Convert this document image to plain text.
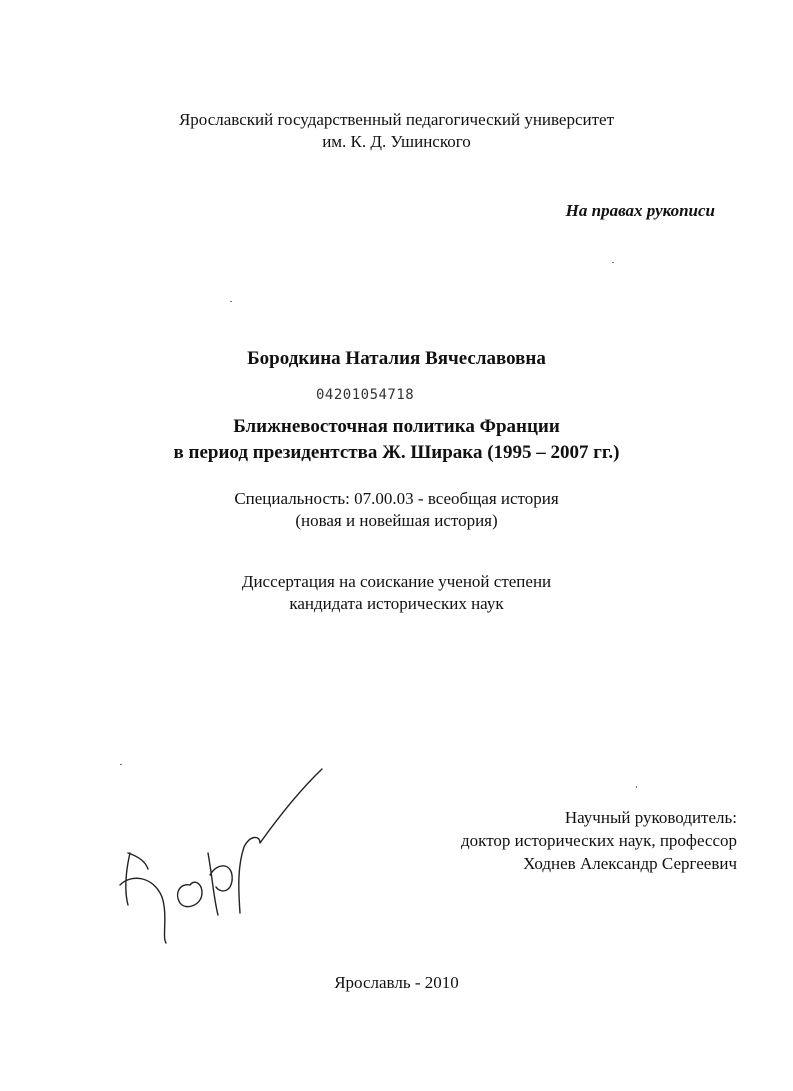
Ярославский государственный педагогический университет
им. К. Д. Ушинского
На правах рукописи
Бородкина Наталия Вячеславовна
04201054718
Ближневосточная политика Франции
в период президентства Ж. Ширака (1995 – 2007 гг.)
Специальность: 07.00.03 - всеобщая история
(новая и новейшая история)
Диссертация на соискание ученой степени
кандидата исторических наук
Научный руководитель:
доктор исторических наук, профессор
Ходнев Александр Сергеевич
Ярославль - 2010
